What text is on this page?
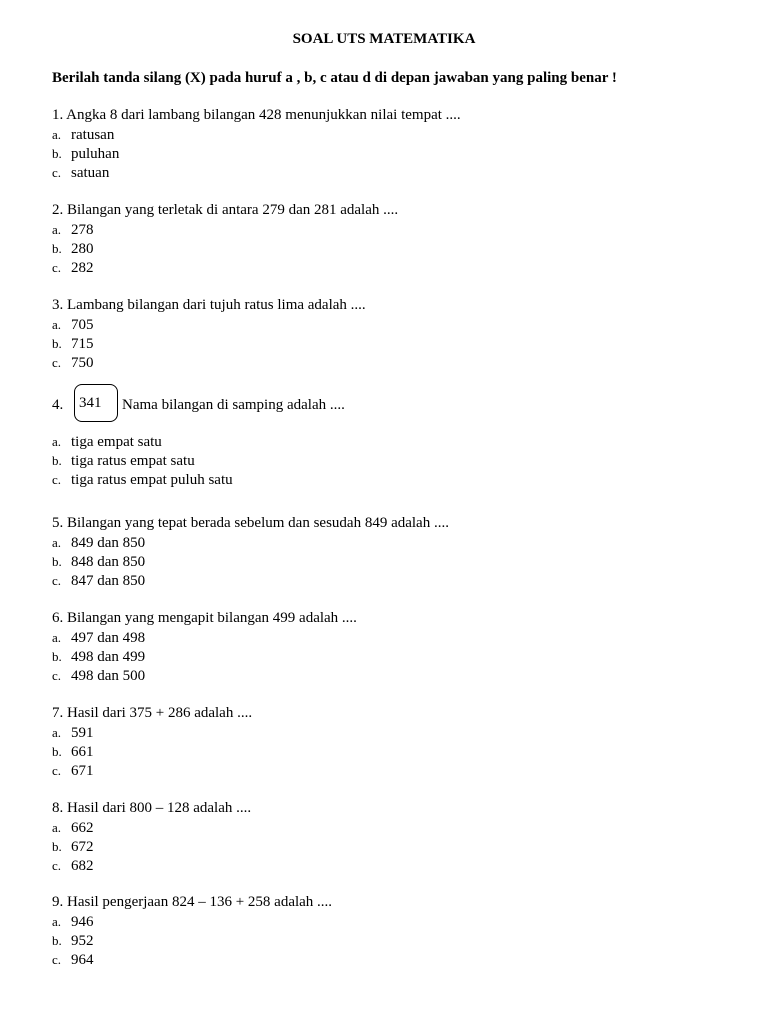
SOAL UTS MATEMATIKA
Berilah tanda silang (X) pada huruf a , b, c atau d di depan jawaban yang paling benar !
1. Angka 8 dari lambang bilangan 428 menunjukkan nilai tempat ....
a. ratusan
b. puluhan
c. satuan
2. Bilangan yang terletak di antara 279 dan 281 adalah ....
a. 278
b. 280
c. 282
3. Lambang bilangan dari tujuh ratus lima adalah ....
a. 705
b. 715
c. 750
4.	341	Nama bilangan di samping adalah ....
a. tiga empat satu
b. tiga ratus empat satu
c. tiga ratus empat puluh satu
5. Bilangan yang tepat berada sebelum dan sesudah 849 adalah ....
a. 849 dan 850
b. 848 dan 850
c. 847 dan 850
6. Bilangan yang mengapit bilangan 499 adalah ....
a. 497 dan 498
b. 498 dan 499
c. 498 dan 500
7. Hasil dari 375 + 286 adalah ....
a. 591
b. 661
c. 671
8. Hasil dari 800 – 128 adalah ....
a. 662
b. 672
c. 682
9. Hasil pengerjaan 824 – 136 + 258 adalah ....
a. 946
b. 952
c. 964
